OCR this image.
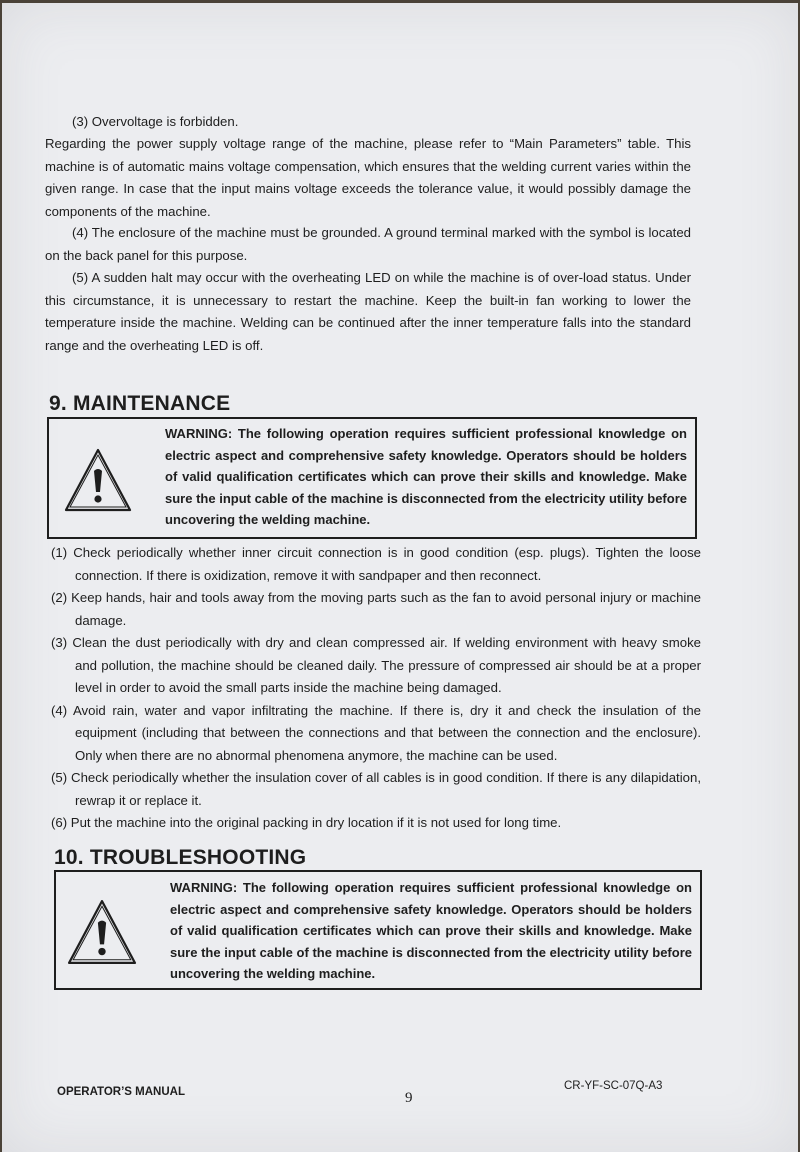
(3) Overvoltage is forbidden.

Regarding the power supply voltage range of the machine, please refer to “Main Parameters” table. This machine is of automatic mains voltage compensation, which ensures that the welding current varies within the given range. In case that the input mains voltage exceeds the tolerance value, it would possibly damage the components of the machine.

(4) The enclosure of the machine must be grounded. A ground terminal marked with the symbol is located on the back panel for this purpose.

(5) A sudden halt may occur with the overheating LED on while the machine is of over-load status. Under this circumstance, it is unnecessary to restart the machine. Keep the built-in fan working to lower the temperature inside the machine. Welding can be continued after the inner temperature falls into the standard range and the overheating LED is off.

9. MAINTENANCE

WARNING: The following operation requires sufficient professional knowledge on electric aspect and comprehensive safety knowledge. Operators should be holders of valid qualification certificates which can prove their skills and knowledge. Make sure the input cable of the machine is disconnected from the electricity utility before uncovering the welding machine.

(1) Check periodically whether inner circuit connection is in good condition (esp. plugs). Tighten the loose connection. If there is oxidization, remove it with sandpaper and then reconnect.
(2) Keep hands, hair and tools away from the moving parts such as the fan to avoid personal injury or machine damage.
(3) Clean the dust periodically with dry and clean compressed air. If welding environment with heavy smoke and pollution, the machine should be cleaned daily. The pressure of compressed air should be at a proper level in order to avoid the small parts inside the machine being damaged.
(4) Avoid rain, water and vapor infiltrating the machine. If there is, dry it and check the insulation of the equipment (including that between the connections and that between the connection and the enclosure). Only when there are no abnormal phenomena anymore, the machine can be used.
(5) Check periodically whether the insulation cover of all cables is in good condition. If there is any dilapidation, rewrap it or replace it.
(6) Put the machine into the original packing in dry location if it is not used for long time.
10. TROUBLESHOOTING

WARNING: The following operation requires sufficient professional knowledge on electric aspect and comprehensive safety knowledge. Operators should be holders of valid qualification certificates which can prove their skills and knowledge. Make sure the input cable of the machine is disconnected from the electricity utility before uncovering the welding machine.

OPERATOR’S MANUAL	9
CR-YF-SC-07Q-A3
